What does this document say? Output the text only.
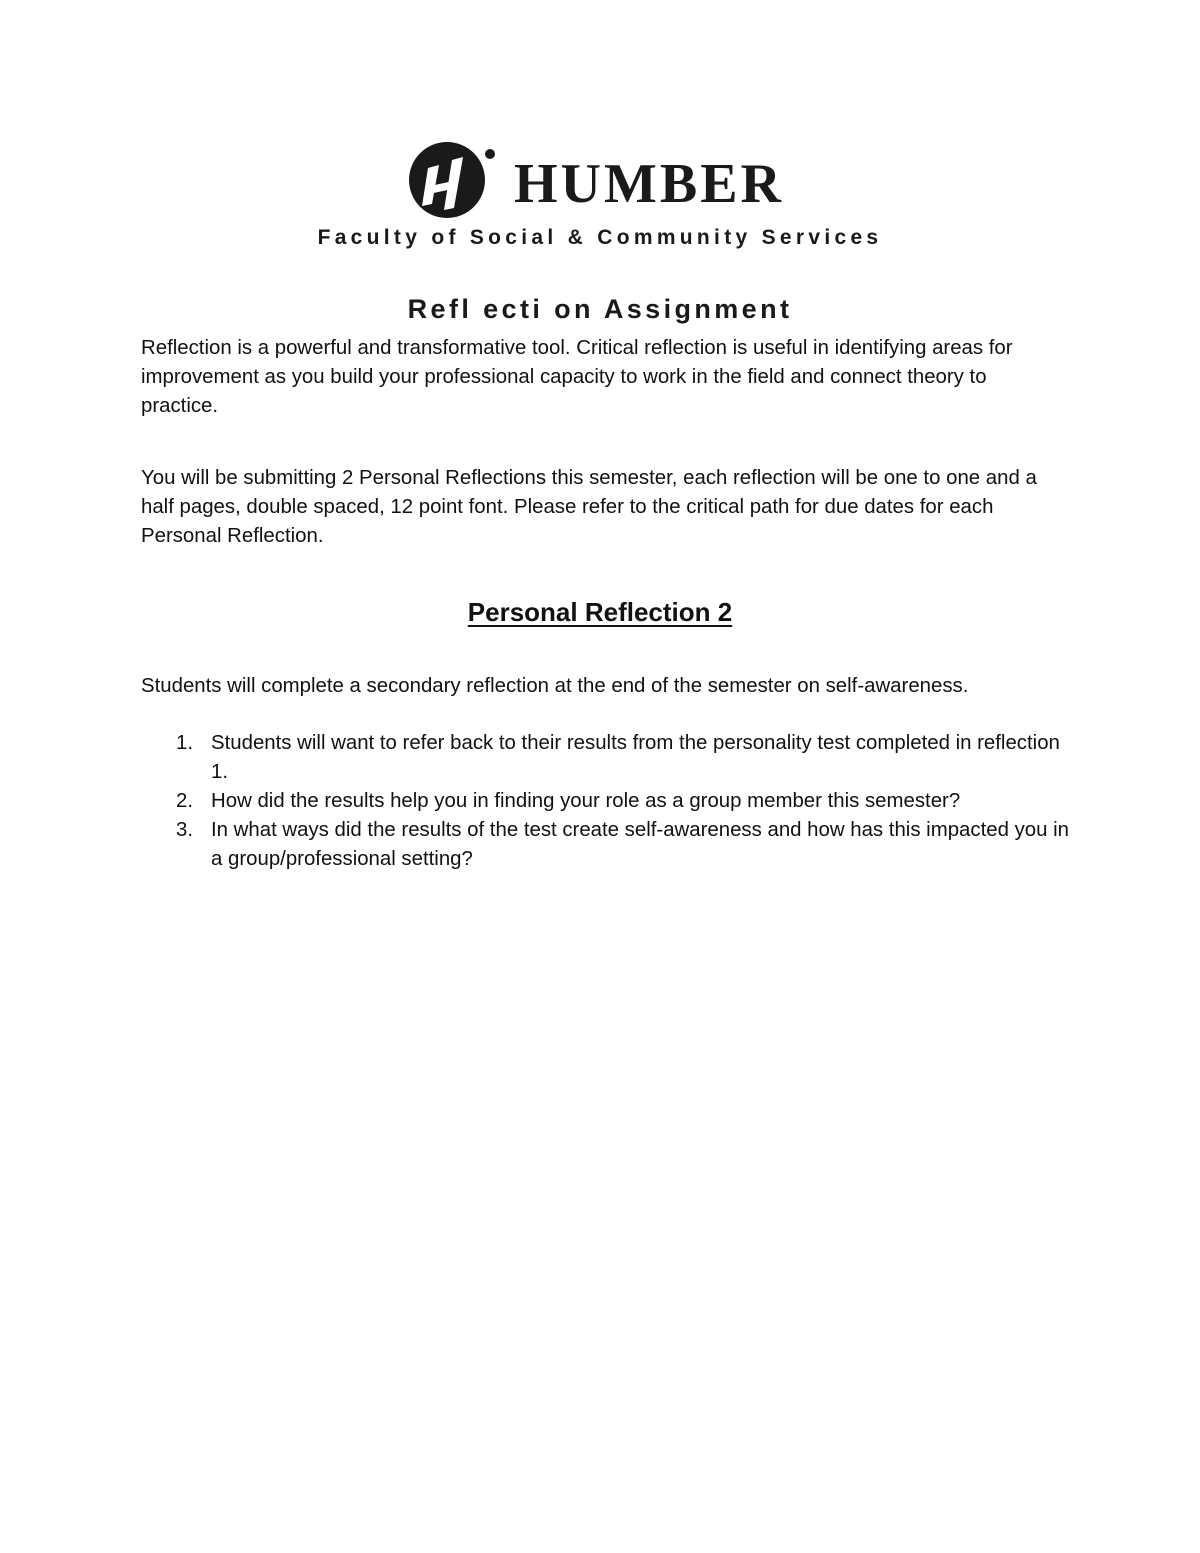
HUMBER
Faculty of Social & Community Services
Refl ecti on Assignment
Reflection is a powerful and transformative tool. Critical reflection is useful in identifying areas for improvement as you build your professional capacity to work in the field and connect theory to practice.
You will be submitting 2 Personal Reflections this semester, each reflection will be one to one and a half pages, double spaced, 12 point font. Please refer to the critical path for due dates for each Personal Reflection.
Personal Reflection 2
Students will complete a secondary reflection at the end of the semester on self-awareness.
1. Students will want to refer back to their results from the personality test completed in reflection 1.
2. How did the results help you in finding your role as a group member this semester?
3. In what ways did the results of the test create self-awareness and how has this impacted you in a group/professional setting?
